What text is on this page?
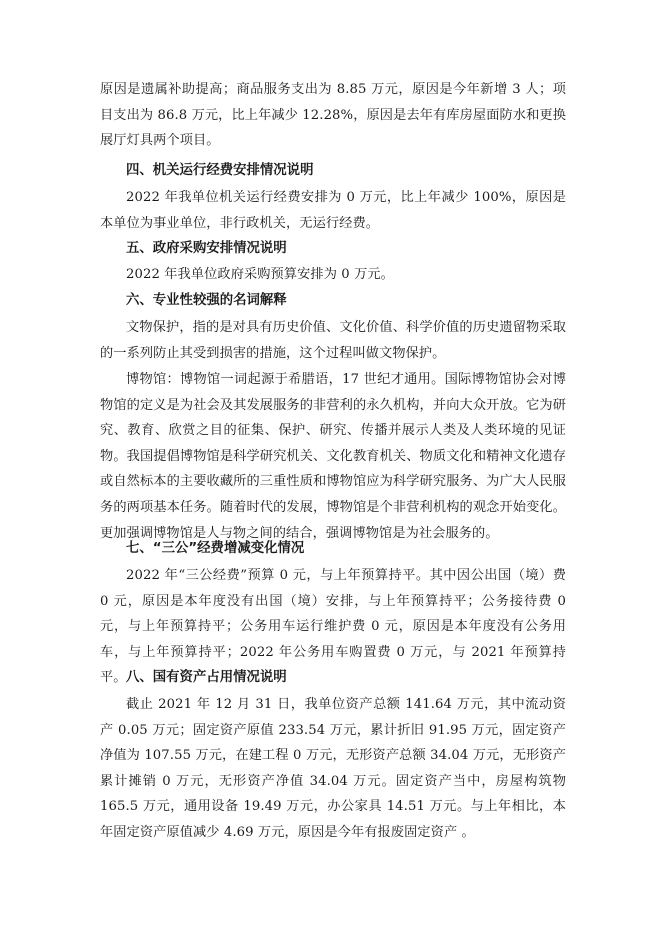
原因是遗属补助提高；商品服务支出为 8.85 万元，原因是今年新增 3 人；项目支出为 86.8 万元，比上年减少 12.28%，原因是去年有库房屋面防水和更换展厅灯具两个项目。

四、机关运行经费安排情况说明

2022 年我单位机关运行经费安排为 0 万元，比上年减少 100%，原因是本单位为事业单位，非行政机关，无运行经费。

五、政府采购安排情况说明

2022 年我单位政府采购预算安排为 0 万元。

六、专业性较强的名词解释

文物保护，指的是对具有历史价值、文化价值、科学价值的历史遗留物采取的一系列防止其受到损害的措施，这个过程叫做文物保护。

博物馆：博物馆一词起源于希腊语，17 世纪才通用。国际博物馆协会对博物馆的定义是为社会及其发展服务的非营利的永久机构，并向大众开放。它为研究、教育、欣赏之目的征集、保护、研究、传播并展示人类及人类环境的见证物。我国提倡博物馆是科学研究机关、文化教育机关、物质文化和精神文化遗存或自然标本的主要收藏所的三重性质和博物馆应为科学研究服务、为广大人民服务的两项基本任务。随着时代的发展，博物馆是个非营利机构的观念开始变化。更加强调博物馆是人与物之间的结合，强调博物馆是为社会服务的。

七、“三公”经费增减变化情况

2022 年“三公经费”预算 0 元，与上年预算持平。其中因公出国（境）费 0 元，原因是本年度没有出国（境）安排，与上年预算持平；公务接待费 0 元，与上年预算持平；公务用车运行维护费 0 元，原因是本年度没有公务用车，与上年预算持平；2022 年公务用车购置费 0 万元，与 2021 年预算持平。 八、国有资产占用情况说明

截止 2021 年 12 月 31 日，我单位资产总额 141.64 万元，其中流动资产 0.05 万元；固定资产原值 233.54 万元，累计折旧 91.95 万元，固定资产净值为 107.55 万元，在建工程 0 万元，无形资产总额 34.04 万元，无形资产累计摊销 0 万元，无形资产净值 34.04 万元。固定资产当中，房屋构筑物 165.5 万元，通用设备 19.49 万元，办公家具 14.51 万元。与上年相比，本年固定资产原值减少 4.69 万元，原因是今年有报废固定资产 。
